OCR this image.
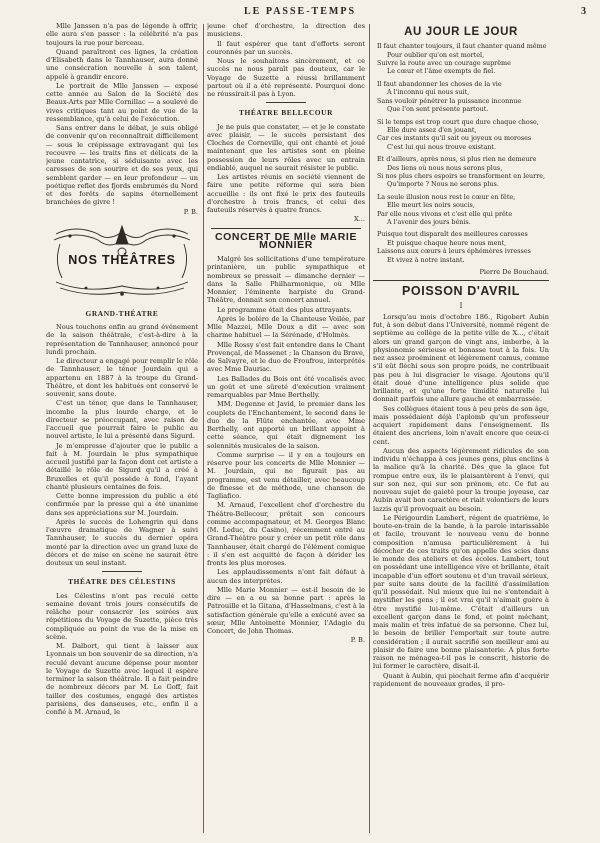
LE PASSE-TEMPS	3

Mlle Janssen n'a pas de légende à offrir, elle aura s'en passer : la célébrité n'a pas toujours la rue pour berceau.

Quand paraîtront ces lignes, la création d'Elisabeth dans le Tannhauser, aura donné une consécration nouvelle à son talent, appelé à grandir encore.

Le portrait de Mlle Janssen — exposé cette année au Salon de la Société des Beaux-Arts par Mlle Cornillac — a soulevé de vives critiques tant au point de vue de la ressemblance, qu'à celui de l'exécution.

Sans entrer dans le débat, je suis obligé de convenir qu'on reconnaîtrait difficilement — sous le crépissage extravagant qui les recouvre — les traits fins et délicats de la jeune cantatrice, si séduisante avec les caresses de son sourire et de ses yeux, qui semblent garder — en leur profondeur — un poétique reflet des fjords embrumés du Nord et des forêts de sapins éternellement branchées de givre !

P. B.

NOS THÉÂTRES
GRAND-THÉATRE

Nous touchons enfin au grand événement de la saison théâtrale, c'est-à-dire à la représentation de Tannhauser, annoncé pour lundi prochain.

Le directeur a engagé pour remplir le rôle de Tannhauser, le ténor Jourdain qui a appartenu en 1887 à la troupe du Grand-Théâtre, et dont les habitués ont conservé le souvenir, sans doute.

C'est un ténor, que dans le Tannhauser, incombe la plus lourde charge, et le directeur se préoccupant, avec raison de l'accueil que pourrait faire le public au nouvel artiste, le lui a présenté dans Sigurd.

Je m'empresse d'ajouter que le public a fait à M. Jourdain le plus sympathique accueil justifié par la façon dont cet artiste a détaillé le rôle de Sigurd qu'il a créé à Bruxelles et qu'il possède à fond, l'ayant chanté plusieurs centaines de fois.

Cette bonne impression du public a été confirmée par la presse qui a été unanime dans ses appréciations sur M. Jourdain.

Après le succès de Lohengrin qui dans l'œuvre dramatique de Wagner à suivi Tannhauser, le succès du dernier opéra monté par la direction avec un grand luxe de décors et de mise en scène ne saurait être douteux un seul instant.

THÉATRE DES CÉLESTINS

Les Célestins n'ont pas reculé cette semaine devant trois jours consécutifs de relâche pour consacrer les soirées aux répétitions du Voyage de Suzette, pièce très compliquée au point de vue de la mise en scène.

M. Dalbort, qui tient à laisser aux Lyonnais un bon souvenir de sa direction, n'a reculé devant aucune dépense pour monter le Voyage de Suzette avec lequel il espère terminer la saison théâtrale. Il a fait peindre de nombreux décors par M. Le Goff, fait tailler des costumes, engagé des artistes parisiens, des danseuses, etc., enfin il a confié à M. Arnaud, le

jeune chef d'orchestre, la direction des musiciens.

Il faut espérer que tant d'efforts seront couronnés par un succès.

Nous le souhaitons sincèrement, et ce succès ne nous paraît pas douteux, car le Voyage de Suzette a réussi brillamment partout où il a été représenté. Pourquoi donc ne réussirait-il pas à Lyon.

THÉATRE BELLECOUR

Je ne puis que constater, — et je le constate avec plaisir, — le succès persistant des Cloches de Corneville, qui ont chanté et joué maintenant que les artistes sont en pleine possession de leurs rôles avec un entrain endiablé, auquel ne saurait résister le public.

Les artistes réunis en société viennent de faire une petite réforme qui sera bien accueillie : ils ont fixé le prix des fauteuils d'orchestre à trois francs, et celui des fauteuils réservés à quatre francs.

X...

CONCERT DE Mlle MARIE MONNIER

Malgré les sollicitations d'une température printanière, un public sympathique et nombreux se pressait — dimanche dernier — dans la Salle Philharmonique, où Mlle Monnier, l'éminente harpiste du Grand-Théâtre, donnait son concert annuel.

Le programme était des plus attrayants.

Après le boléro de la Chanteuse Voilée, par Mlle Mazzei, Mlle Doux a dit — avec son charme habituel — la Sérénade, d'Holmès.

Mlle Rossy s'est fait entendre dans le Chant Provençal, de Massenet ; la Chanson du Brave, de Salvayre, et le duo de Froufrou, interprétés avec Mme Dauriac.

Les Ballades du Bois ont été vocalisés avec un goût et une sûreté d'exécution vraiment remarquables par Mme Berthelly.

MM. Degenne et Javid, le premier dans les couplets de l'Enchantement, le second dans le duo de la Flûte enchantée, avec Mme Berthelly, ont apporté un brillant appoint à cette séance, qui était dignement les solennités musicales de la saison.

Comme surprise — il y en a toujours en réserve pour les concerts de Mlle Monnier — M. Jourdain, qui ne figurait pas au programme, est venu détailler, avec beaucoup de finesse et de méthode, une chanson de Tagliafico.

M. Arnaud, l'excellent chef d'orchestre du Théâtre-Bellecour, prêtait son concours comme accompagnateur, et M. Georges Blanc (M. Leduc, du Casino), récemment entré au Grand-Théâtre pour y créer un petit rôle dans Tannhauser, était chargé de l'élément comique : il s'en est acquitté de façon à dérider les fronts les plus moroses.

Les applaudissements n'ont fait défaut à aucun des interprètes.

Mlle Marie Monnier — est-il besoin de le dire — en a eu sa bonne part : après la Patrouille et la Gitana, d'Hasselmans, c'est à la satisfaction générale qu'elle a exécuté avec sa sœur, Mlle Antoinette Monnier, l'Adagio du Concert, de John Thomas.

P. B.

AU JOUR LE JOUR
Il faut chanter toujours, il faut chanter quand même
Pour oublier qu'on est mortel,
Suivre la route avec un courage suprême
Le cœur et l'âme exempts de fiel.
Il faut abandonner les choses de la vie
A l'inconnu qui nous suit,
Sans vouloir pénétrer la puissance inconnue
Que l'on sent présente partout.
Si le temps est trop court que dure chaque chose,
Elle dure assez d'en jouant,
Car ces instants qu'il sait ou joyeux ou moroses
C'est lui qui nous trouve existant.
Et d'ailleurs, après nous, si plus rien ne demeure
Des liens où nous nous serons plus,
Si nos plus chers espoirs se transforment en leurre,
Qu'importe ? Nous ne serons plus.
La seule illusion nous rest le cœur en fête,
Elle meurt les noirs soucis,
Par elle nous vivons et c'est elle qui prête
A l'avenir des jours bénis.
Puisque tout disparaît des meilleures caresses
Et puisque chaque heure nous ment,
Laissons aux cœurs à leurs éphémères ivresses
Et vivez à notre instant.

Pierre De Bouchaud.

POISSON D'AVRIL
I

Lorsqu'au mois d'octobre 186., Rigobert Aubin fut, à son début dans l'Université, nommé régent de septième au collège de la petite ville de X..., c'était alors un grand garçon de vingt ans, imberbe, à la physionomie sérieuse et bonasse tout à la fois. Un nez assez proéminent et légèrement camus, comme s'il eût fléchi sous son propre poids, ne contribuait pas peu à lui disgracier le visage. Ajoutons qu'il était doué d'une intelligence plus solide que brillante, et qu'une forte timidité naturelle lui donnait parfois une allure gauche et embarrassée.

Ses collègues étaient tous à peu près de son âge, mais possédaient déjà l'aplomb qu'un professeur acquiert rapidement dans l'enseignement. Ils étaient des ancriens, loin n'avait encore que ceux-ci cent.

Aucun des aspects légèrement ridicules de son individu n'échappa à ces jeunes gens, plus enclins à la malice qu'à la charité. Dès que la glace fut rompue entre eux, ils le plaisantèrent à l'envi, qui sur son nez, qui sur son prénom, etc. Ce fut au nouveau sujet de gaieté pour la troupe joyeuse, car Aubin avait bon caractère et riait volontiers de leurs lazzis qu'il provoquait au besoin.

Le Périgourdin Lambert, régent de quatrième, le boute-en-train de la bande, à la parole intarissable et facile, trouvant le nouveau venu de bonne composition n'amusa particulièrement à lui décocher de ces traits qu'on appelle des scies dans le monde des ateliers et des écoles. Lambert, tout en possédant une intelligence vive et brillante, était incapable d'un effort soutenu et d'un travail sérieux, par suite sans doute de la facilité d'assimilation qu'il possédait. Nul mieux que lui ne s'entendait à mystifier les gens ; il est vrai qu'il n'aimait guère à être mystifié lui-même. C'était d'ailleurs un excellent garçon dans le fond, et point méchant, mais malin et très infatué de sa personne. Chez lui, le besoin de briller l'emportait sur toute autre considération ; il aurait sacrifié son meilleur ami au plaisir de faire une bonne plaisanterie. A plus forte raison ne ménagea-t-il pas le conscrit, historie de lui former le caractère, disait-il.

Quant à Aubin, qui piochait ferme afin d'acquérir rapidement de nouveaux grades, il pro-
